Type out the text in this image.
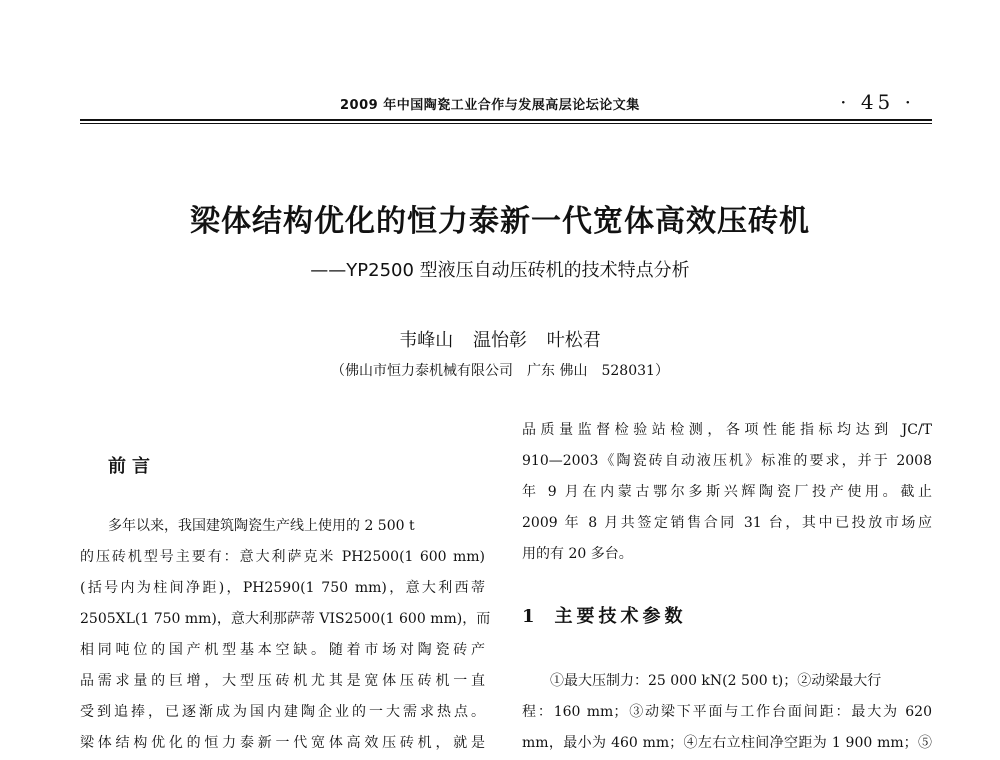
2009 年中国陶瓷工业合作与发展高层论坛论文集	· 45 ·
梁体结构优化的恒力泰新一代宽体高效压砖机
——YP2500 型液压自动压砖机的技术特点分析
韦峰山 温怡彰 叶松君
（佛山市恒力泰机械有限公司　广东 佛山　528031）
前言
多年以来，我国建筑陶瓷生产线上使用的 2 500 t
的压砖机型号主要有：意大利萨克米 PH2500(1 600 mm)
(括号内为柱间净距)，PH2590(1 750 mm)，意大利西蒂
2505XL(1 750 mm)，意大利那萨蒂 VIS2500(1 600 mm)，而
相同吨位的国产机型基本空缺。随着市场对陶瓷砖产
品需求量的巨增，大型压砖机尤其是宽体压砖机一直
受到追捧，已逐渐成为国内建陶企业的一大需求热点。
梁体结构优化的恒力泰新一代宽体高效压砖机，就是
品质量监督检验站检测，各项性能指标均达到 JC/T
910—2003《陶瓷砖自动液压机》标准的要求，并于 2008
年 9 月在内蒙古鄂尔多斯兴辉陶瓷厂投产使用。截止
2009 年 8 月共签定销售合同 31 台，其中已投放市场应
用的有 20 多台。
1 主要技术参数
①最大压制力：25 000 kN(2 500 t)；②动梁最大行
程：160 mm；③动梁下平面与工作台面间距：最大为 620
mm，最小为 460 mm；④左右立柱间净空距为 1 900 mm；⑤
